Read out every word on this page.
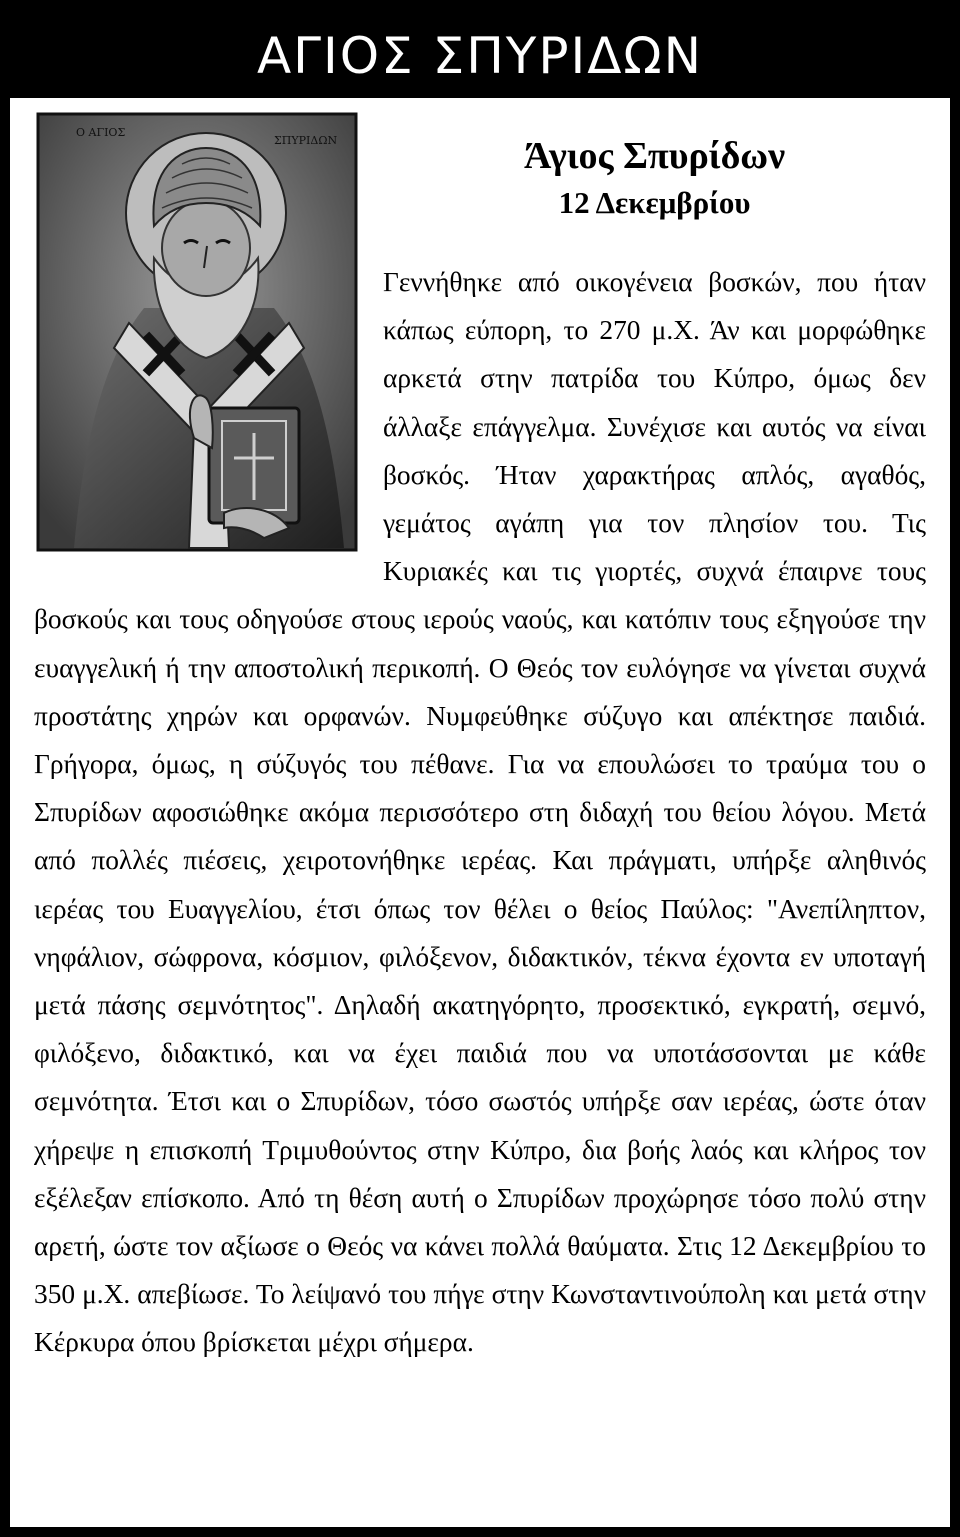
ΑΓΙΟΣ ΣΠΥΡΙΔΩΝ
Ο ΑΓΙΟΣ
ΣΠΥΡΙΔΩΝ	Άγιος Σπυρίδων

12 Δεκεμβρίου

Γεννήθηκε από οικογένεια βοσκών, που ήταν κάπως εύπορη, το 270 μ.Χ. Άν και μορφώθηκε αρκετά στην πατρίδα του Κύπρο, όμως δεν άλλαξε επάγγελμα. Συνέχισε και αυτός να είναι βοσκός. Ήταν χαρακτήρας απλός, αγαθός, γεμάτος αγάπη για τον πλησίον του. Τις Κυριακές και τις γιορτές, συχνά έπαιρνε τους βοσκούς και τους οδηγούσε στους ιερούς ναούς, και κατόπιν τους εξηγούσε την ευαγγελική ή την αποστολική περικοπή. Ο Θεός τον ευλόγησε να γίνεται συχνά προστάτης χηρών και ορφανών. Νυμφεύθηκε σύζυγο και απέκτησε παιδιά. Γρήγορα, όμως, η σύζυγός του πέθανε. Για να επουλώσει το τραύμα του ο Σπυρίδων αφοσιώθηκε ακόμα περισσότερο στη διδαχή του θείου λόγου. Μετά από πολλές πιέσεις, χειροτονήθηκε ιερέας. Και πράγματι, υπήρξε αληθινός ιερέας του Ευαγγελίου, έτσι όπως τον θέλει ο θείος Παύλος: "Ανεπίληπτον, νηφάλιον, σώφρονα, κόσμιον, φιλόξενον, διδακτικόν, τέκνα έχοντα εν υποταγή μετά πάσης σεμνότητος". Δηλαδή ακατηγόρητο, προσεκτικό, εγκρατή, σεμνό, φιλόξενο, διδακτικό, και να έχει παιδιά που να υποτάσσονται με κάθε σεμνότητα. Έτσι και ο Σπυρίδων, τόσο σωστός υπήρξε σαν ιερέας, ώστε όταν χήρεψε η επισκοπή Τριμυθούντος στην Κύπρο, δια βοής λαός και κλήρος τον εξέλεξαν επίσκοπο. Από τη θέση αυτή ο Σπυρίδων προχώρησε τόσο πολύ στην αρετή, ώστε τον αξίωσε ο Θεός να κάνει πολλά θαύματα. Στις 12 Δεκεμβρίου το 350 μ.Χ. απεβίωσε. Το λείψανό του πήγε στην Κωνσταντινούπολη και μετά στην Κέρκυρα όπου βρίσκεται μέχρι σήμερα.
